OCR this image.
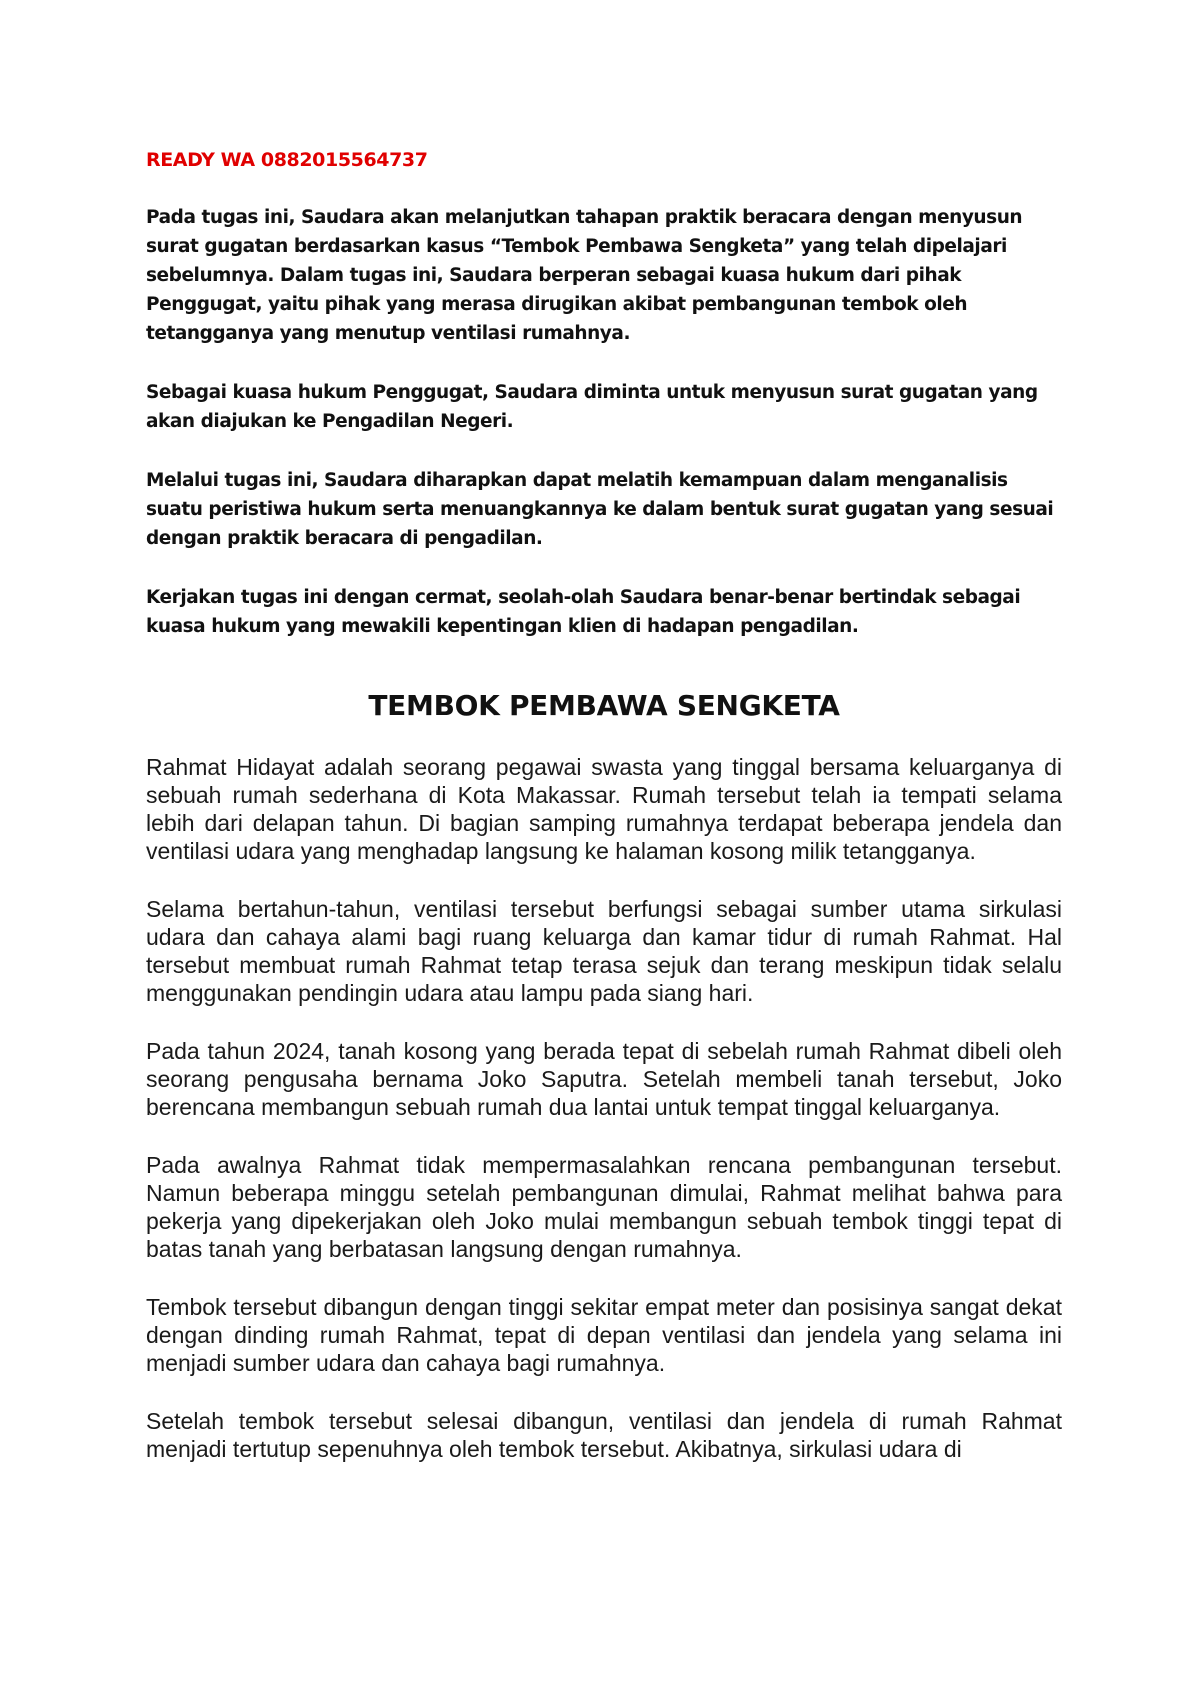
READY WA 0882015564737

Pada tugas ini, Saudara akan melanjutkan tahapan praktik beracara dengan menyusun surat gugatan berdasarkan kasus “Tembok Pembawa Sengketa” yang telah dipelajari sebelumnya. Dalam tugas ini, Saudara berperan sebagai kuasa hukum dari pihak Penggugat, yaitu pihak yang merasa dirugikan akibat pembangunan tembok oleh tetangganya yang menutup ventilasi rumahnya.

Sebagai kuasa hukum Penggugat, Saudara diminta untuk menyusun surat gugatan yang akan diajukan ke Pengadilan Negeri.

Melalui tugas ini, Saudara diharapkan dapat melatih kemampuan dalam menganalisis suatu peristiwa hukum serta menuangkannya ke dalam bentuk surat gugatan yang sesuai dengan praktik beracara di pengadilan.

Kerjakan tugas ini dengan cermat, seolah-olah Saudara benar-benar bertindak sebagai kuasa hukum yang mewakili kepentingan klien di hadapan pengadilan.

TEMBOK PEMBAWA SENGKETA

Rahmat Hidayat adalah seorang pegawai swasta yang tinggal bersama keluarganya di sebuah rumah sederhana di Kota Makassar. Rumah tersebut telah ia tempati selama lebih dari delapan tahun. Di bagian samping rumahnya terdapat beberapa jendela dan ventilasi udara yang menghadap langsung ke halaman kosong milik tetangganya.

Selama bertahun-tahun, ventilasi tersebut berfungsi sebagai sumber utama sirkulasi udara dan cahaya alami bagi ruang keluarga dan kamar tidur di rumah Rahmat. Hal tersebut membuat rumah Rahmat tetap terasa sejuk dan terang meskipun tidak selalu menggunakan pendingin udara atau lampu pada siang hari.

Pada tahun 2024, tanah kosong yang berada tepat di sebelah rumah Rahmat dibeli oleh seorang pengusaha bernama Joko Saputra. Setelah membeli tanah tersebut, Joko berencana membangun sebuah rumah dua lantai untuk tempat tinggal keluarganya.

Pada awalnya Rahmat tidak mempermasalahkan rencana pembangunan tersebut. Namun beberapa minggu setelah pembangunan dimulai, Rahmat melihat bahwa para pekerja yang dipekerjakan oleh Joko mulai membangun sebuah tembok tinggi tepat di batas tanah yang berbatasan langsung dengan rumahnya.

Tembok tersebut dibangun dengan tinggi sekitar empat meter dan posisinya sangat dekat dengan dinding rumah Rahmat, tepat di depan ventilasi dan jendela yang selama ini menjadi sumber udara dan cahaya bagi rumahnya.

Setelah tembok tersebut selesai dibangun, ventilasi dan jendela di rumah Rahmat menjadi tertutup sepenuhnya oleh tembok tersebut. Akibatnya, sirkulasi udara di
